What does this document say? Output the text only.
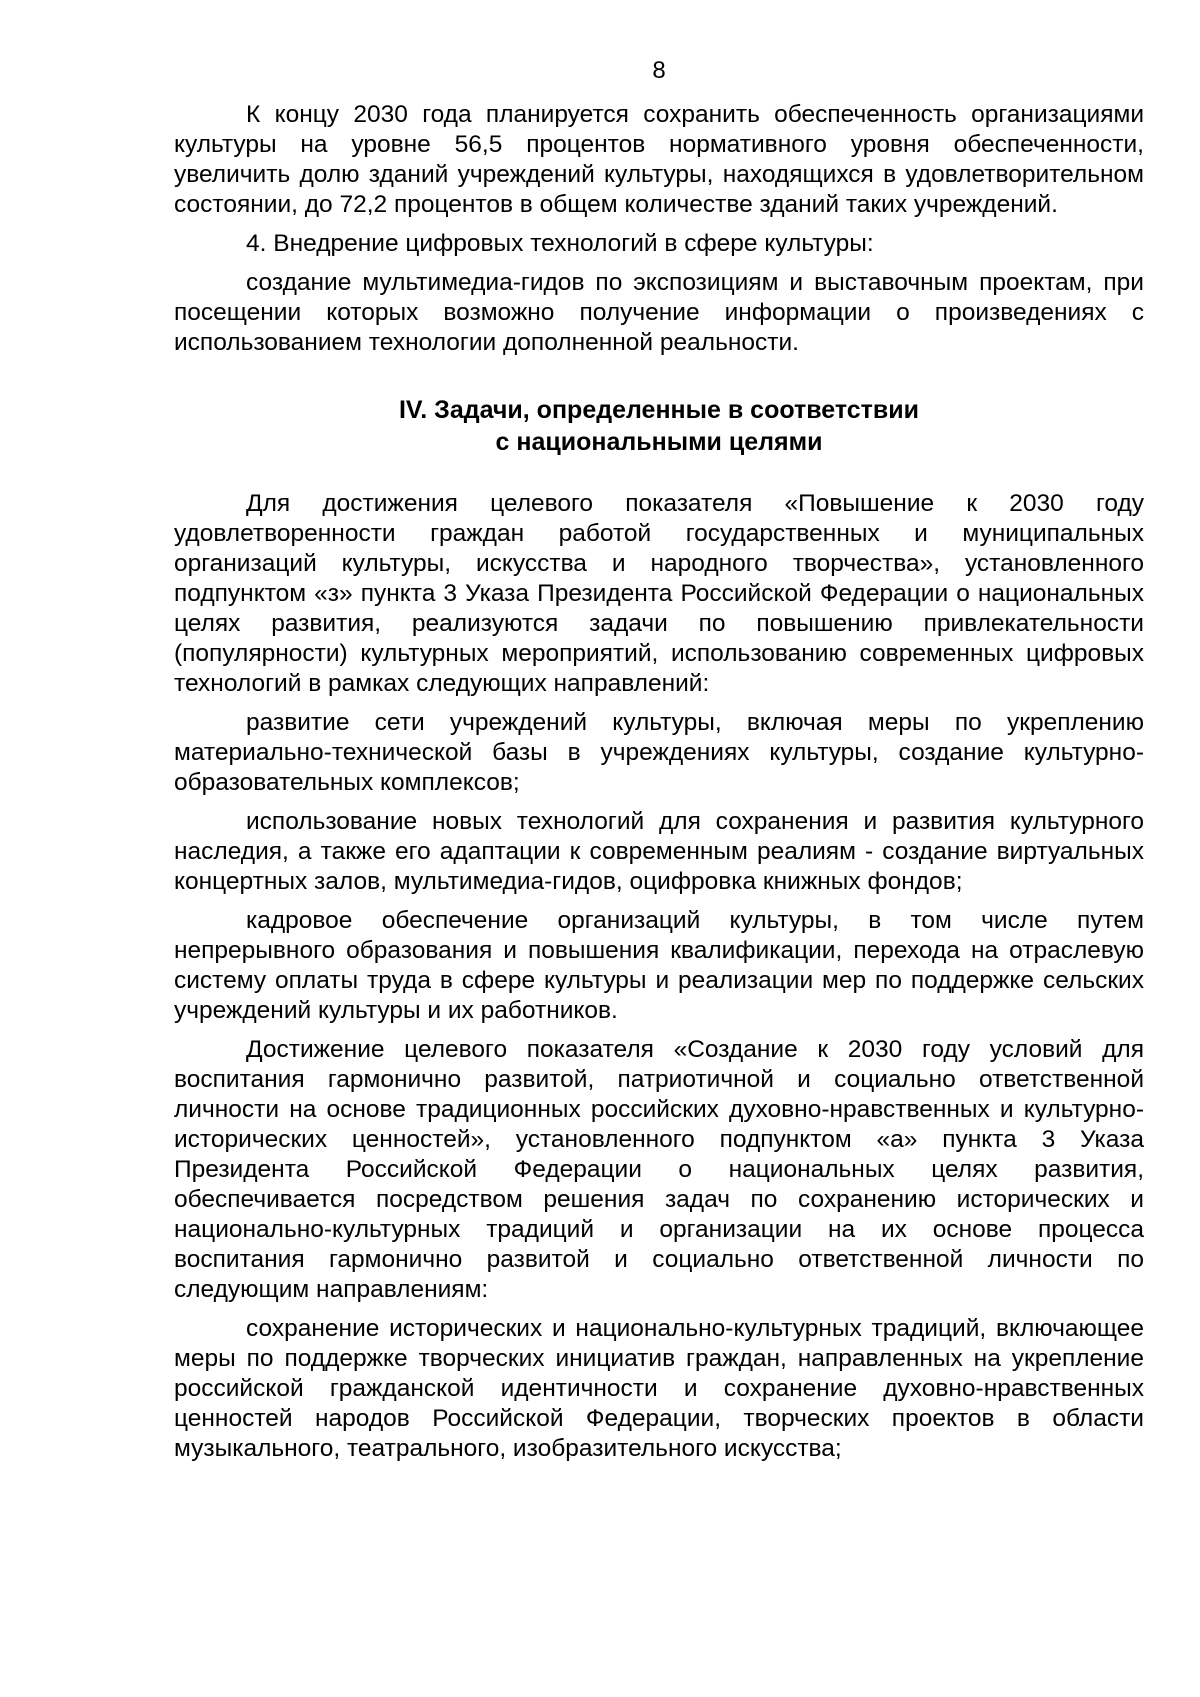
8

К концу 2030 года планируется сохранить обеспеченность организациями культуры на уровне 56,5 процентов нормативного уровня обеспеченности, увеличить долю зданий учреждений культуры, находящихся в удовлетворительном состоянии, до 72,2 процентов в общем количестве зданий таких учреждений.

4. Внедрение цифровых технологий в сфере культуры:

создание мультимедиа-гидов по экспозициям и выставочным проектам, при посещении которых возможно получение информации о произведениях с использованием технологии дополненной реальности.

IV. Задачи, определенные в соответствии
с национальными целями

Для достижения целевого показателя «Повышение к 2030 году удовлетворенности граждан работой государственных и муниципальных организаций культуры, искусства и народного творчества», установленного подпунктом «з» пункта 3 Указа Президента Российской Федерации о национальных целях развития, реализуются задачи по повышению привлекательности (популярности) культурных мероприятий, использованию современных цифровых технологий в рамках следующих направлений:

развитие сети учреждений культуры, включая меры по укреплению материально-технической базы в учреждениях культуры, создание культурно-образовательных комплексов;

использование новых технологий для сохранения и развития культурного наследия, а также его адаптации к современным реалиям - создание виртуальных концертных залов, мультимедиа-гидов, оцифровка книжных фондов;

кадровое обеспечение организаций культуры, в том числе путем непрерывного образования и повышения квалификации, перехода на отраслевую систему оплаты труда в сфере культуры и реализации мер по поддержке сельских учреждений культуры и их работников.

Достижение целевого показателя «Создание к 2030 году условий для воспитания гармонично развитой, патриотичной и социально ответственной личности на основе традиционных российских духовно-нравственных и культурно-исторических ценностей», установленного подпунктом «а» пункта 3 Указа Президента Российской Федерации о национальных целях развития, обеспечивается посредством решения задач по сохранению исторических и национально-культурных традиций и организации на их основе процесса воспитания гармонично развитой и социально ответственной личности по следующим направлениям:

сохранение исторических и национально-культурных традиций, включающее меры по поддержке творческих инициатив граждан, направленных на укрепление российской гражданской идентичности и сохранение духовно-нравственных ценностей народов Российской Федерации, творческих проектов в области музыкального, театрального, изобразительного искусства;
